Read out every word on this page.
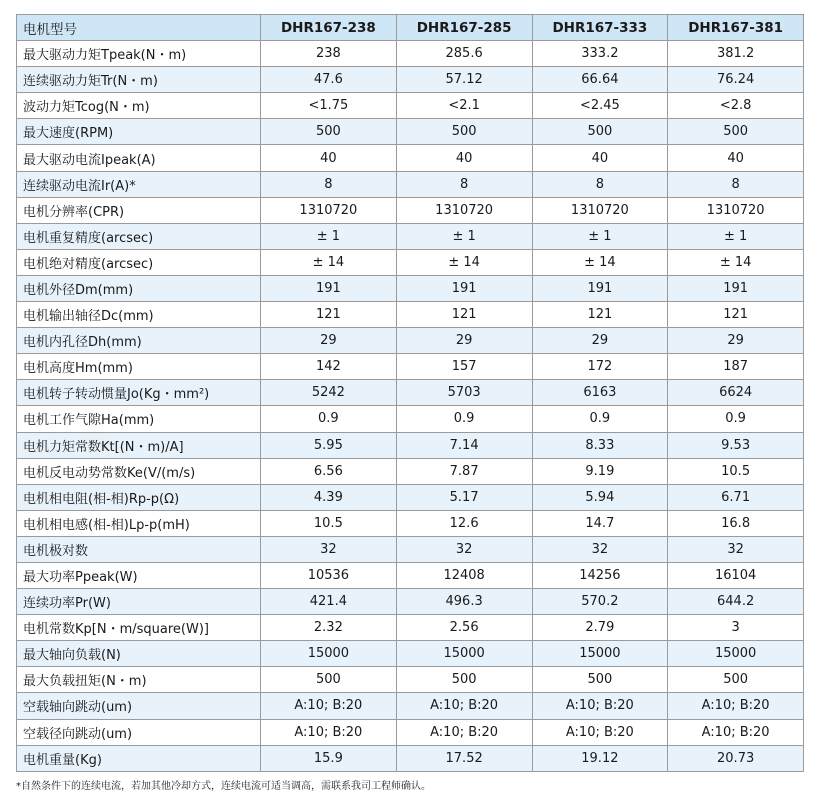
电机型号	DHR167-238	DHR167-285	DHR167-333	DHR167-381
最大驱动力矩Tpeak(N・m)	238	285.6	333.2	381.2
连续驱动力矩Tr(N・m)	47.6	57.12	66.64	76.24
波动力矩Tcog(N・m)	<1.75	<2.1	<2.45	<2.8
最大速度(RPM)	500	500	500	500
最大驱动电流Ipeak(A)	40	40	40	40
连续驱动电流Ir(A)*	8	8	8	8
电机分辨率(CPR)	1310720	1310720	1310720	1310720
电机重复精度(arcsec)	± 1	± 1	± 1	± 1
电机绝对精度(arcsec)	± 14	± 14	± 14	± 14
电机外径Dm(mm)	191	191	191	191
电机输出轴径Dc(mm)	121	121	121	121
电机内孔径Dh(mm)	29	29	29	29
电机高度Hm(mm)	142	157	172	187
电机转子转动惯量Jo(Kg・mm²)	5242	5703	6163	6624
电机工作气隙Ha(mm)	0.9	0.9	0.9	0.9
电机力矩常数Kt[(N・m)/A]	5.95	7.14	8.33	9.53
电机反电动势常数Ke(V/(m/s)	6.56	7.87	9.19	10.5
电机相电阻(相-相)Rp-p(Ω)	4.39	5.17	5.94	6.71
电机相电感(相-相)Lp-p(mH)	10.5	12.6	14.7	16.8
电机极对数	32	32	32	32
最大功率Ppeak(W)	10536	12408	14256	16104
连续功率Pr(W)	421.4	496.3	570.2	644.2
电机常数Kp[N・m/square(W)]	2.32	2.56	2.79	3
最大轴向负载(N)	15000	15000	15000	15000
最大负载扭矩(N・m)	500	500	500	500
空载轴向跳动(um)	A:10; B:20	A:10; B:20	A:10; B:20	A:10; B:20
空载径向跳动(um)	A:10; B:20	A:10; B:20	A:10; B:20	A:10; B:20
电机重量(Kg)	15.9	17.52	19.12	20.73
*自然条件下的连续电流，若加其他冷却方式，连续电流可适当调高，需联系我司工程师确认。
